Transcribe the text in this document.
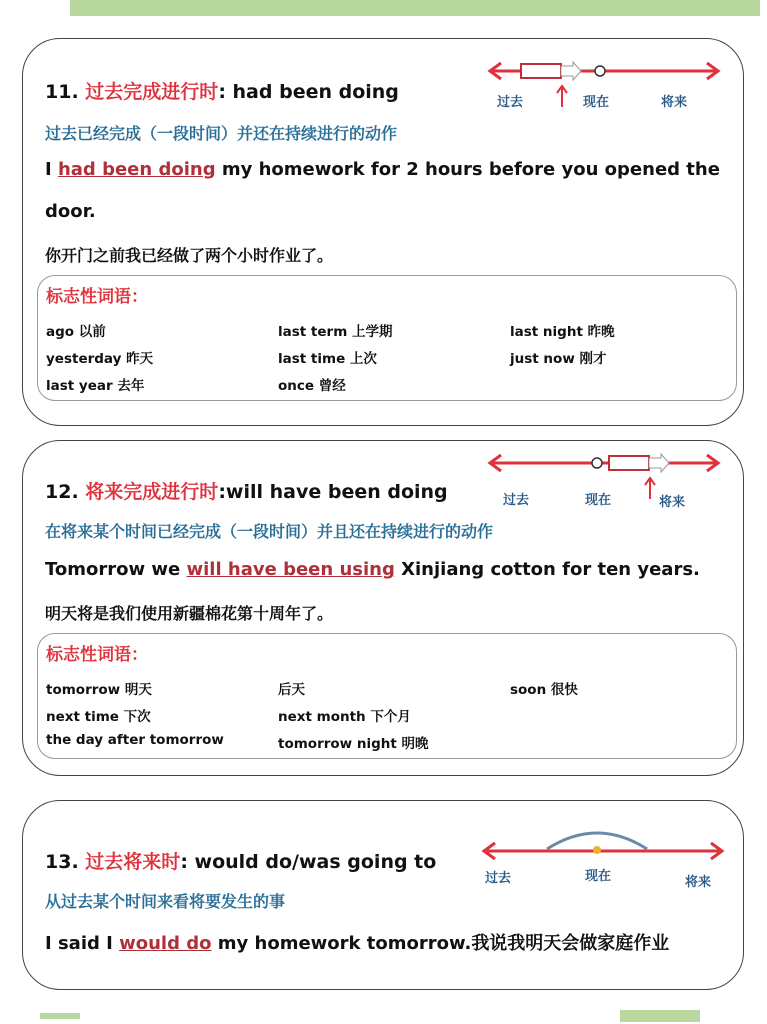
11. 过去完成进行时: had been doing
过去已经完成（一段时间）并还在持续进行的动作
I had been doing my homework for 2 hours before you opened the
door.
你开门之前我已经做了两个小时作业了。
标志性词语：
ago 以前	last term 上学期	last night 昨晚
yesterday 昨天	last time 上次	just now 刚才
last year 去年	once 曾经
过去	现在	将来
12. 将来完成进行时:will have been doing
在将来某个时间已经完成（一段时间）并且还在持续进行的动作
Tomorrow we will have been using Xinjiang cotton for ten years.
明天将是我们使用新疆棉花第十周年了。
标志性词语：
tomorrow 明天	后天	soon 很快
next time 下次	next month 下个月
the day after tomorrow	tomorrow night 明晚
过去	现在	将来
13. 过去将来时: would do/was going to
从过去某个时间来看将要发生的事
I said I would do my homework tomorrow.我说我明天会做家庭作业
过去	现在	将来
